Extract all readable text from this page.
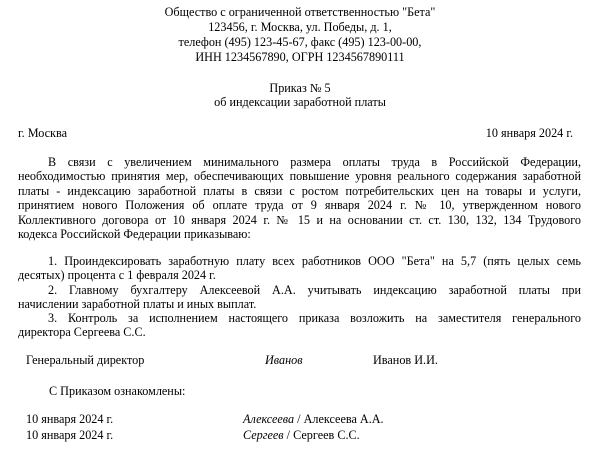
Общество с ограниченной ответственностью "Бета"
123456, г. Москва, ул. Победы, д. 1,
телефон (495) 123-45-67, факс (495) 123-00-00,
ИНН 1234567890, ОГРН 1234567890111
Приказ № 5
об индексации заработной платы
г. Москва	10 января 2024 г.
В связи с увеличением минимального размера оплаты труда в Российской Федерации,
необходимостью принятия мер, обеспечивающих повышение уровня реального содержания заработной
платы - индексацию заработной платы в связи с ростом потребительских цен на товары и услуги,
принятием нового Положения об оплате труда от 9 января 2024 г. № 10, утвержденном нового
Коллективного договора от 10 января 2024 г. № 15 и на основании ст. ст. 130, 132, 134 Трудового
кодекса Российской Федерации приказываю:
1. Проиндексировать заработную плату всех работников ООО "Бета" на 5,7 (пять целых семь
десятых) процента с 1 февраля 2024 г.
2. Главному бухгалтеру Алексеевой А.А. учитывать индексацию заработной платы при
начислении заработной платы и иных выплат.
3. Контроль за исполнением настоящего приказа возложить на заместителя генерального
директора Сергеева С.С.
Генеральный директор	Иванов	Иванов И.И.
С Приказом ознакомлены:
10 января 2024 г.	Алексеева / Алексеева А.А.
10 января 2024 г.	Сергеев / Сергеев С.С.
